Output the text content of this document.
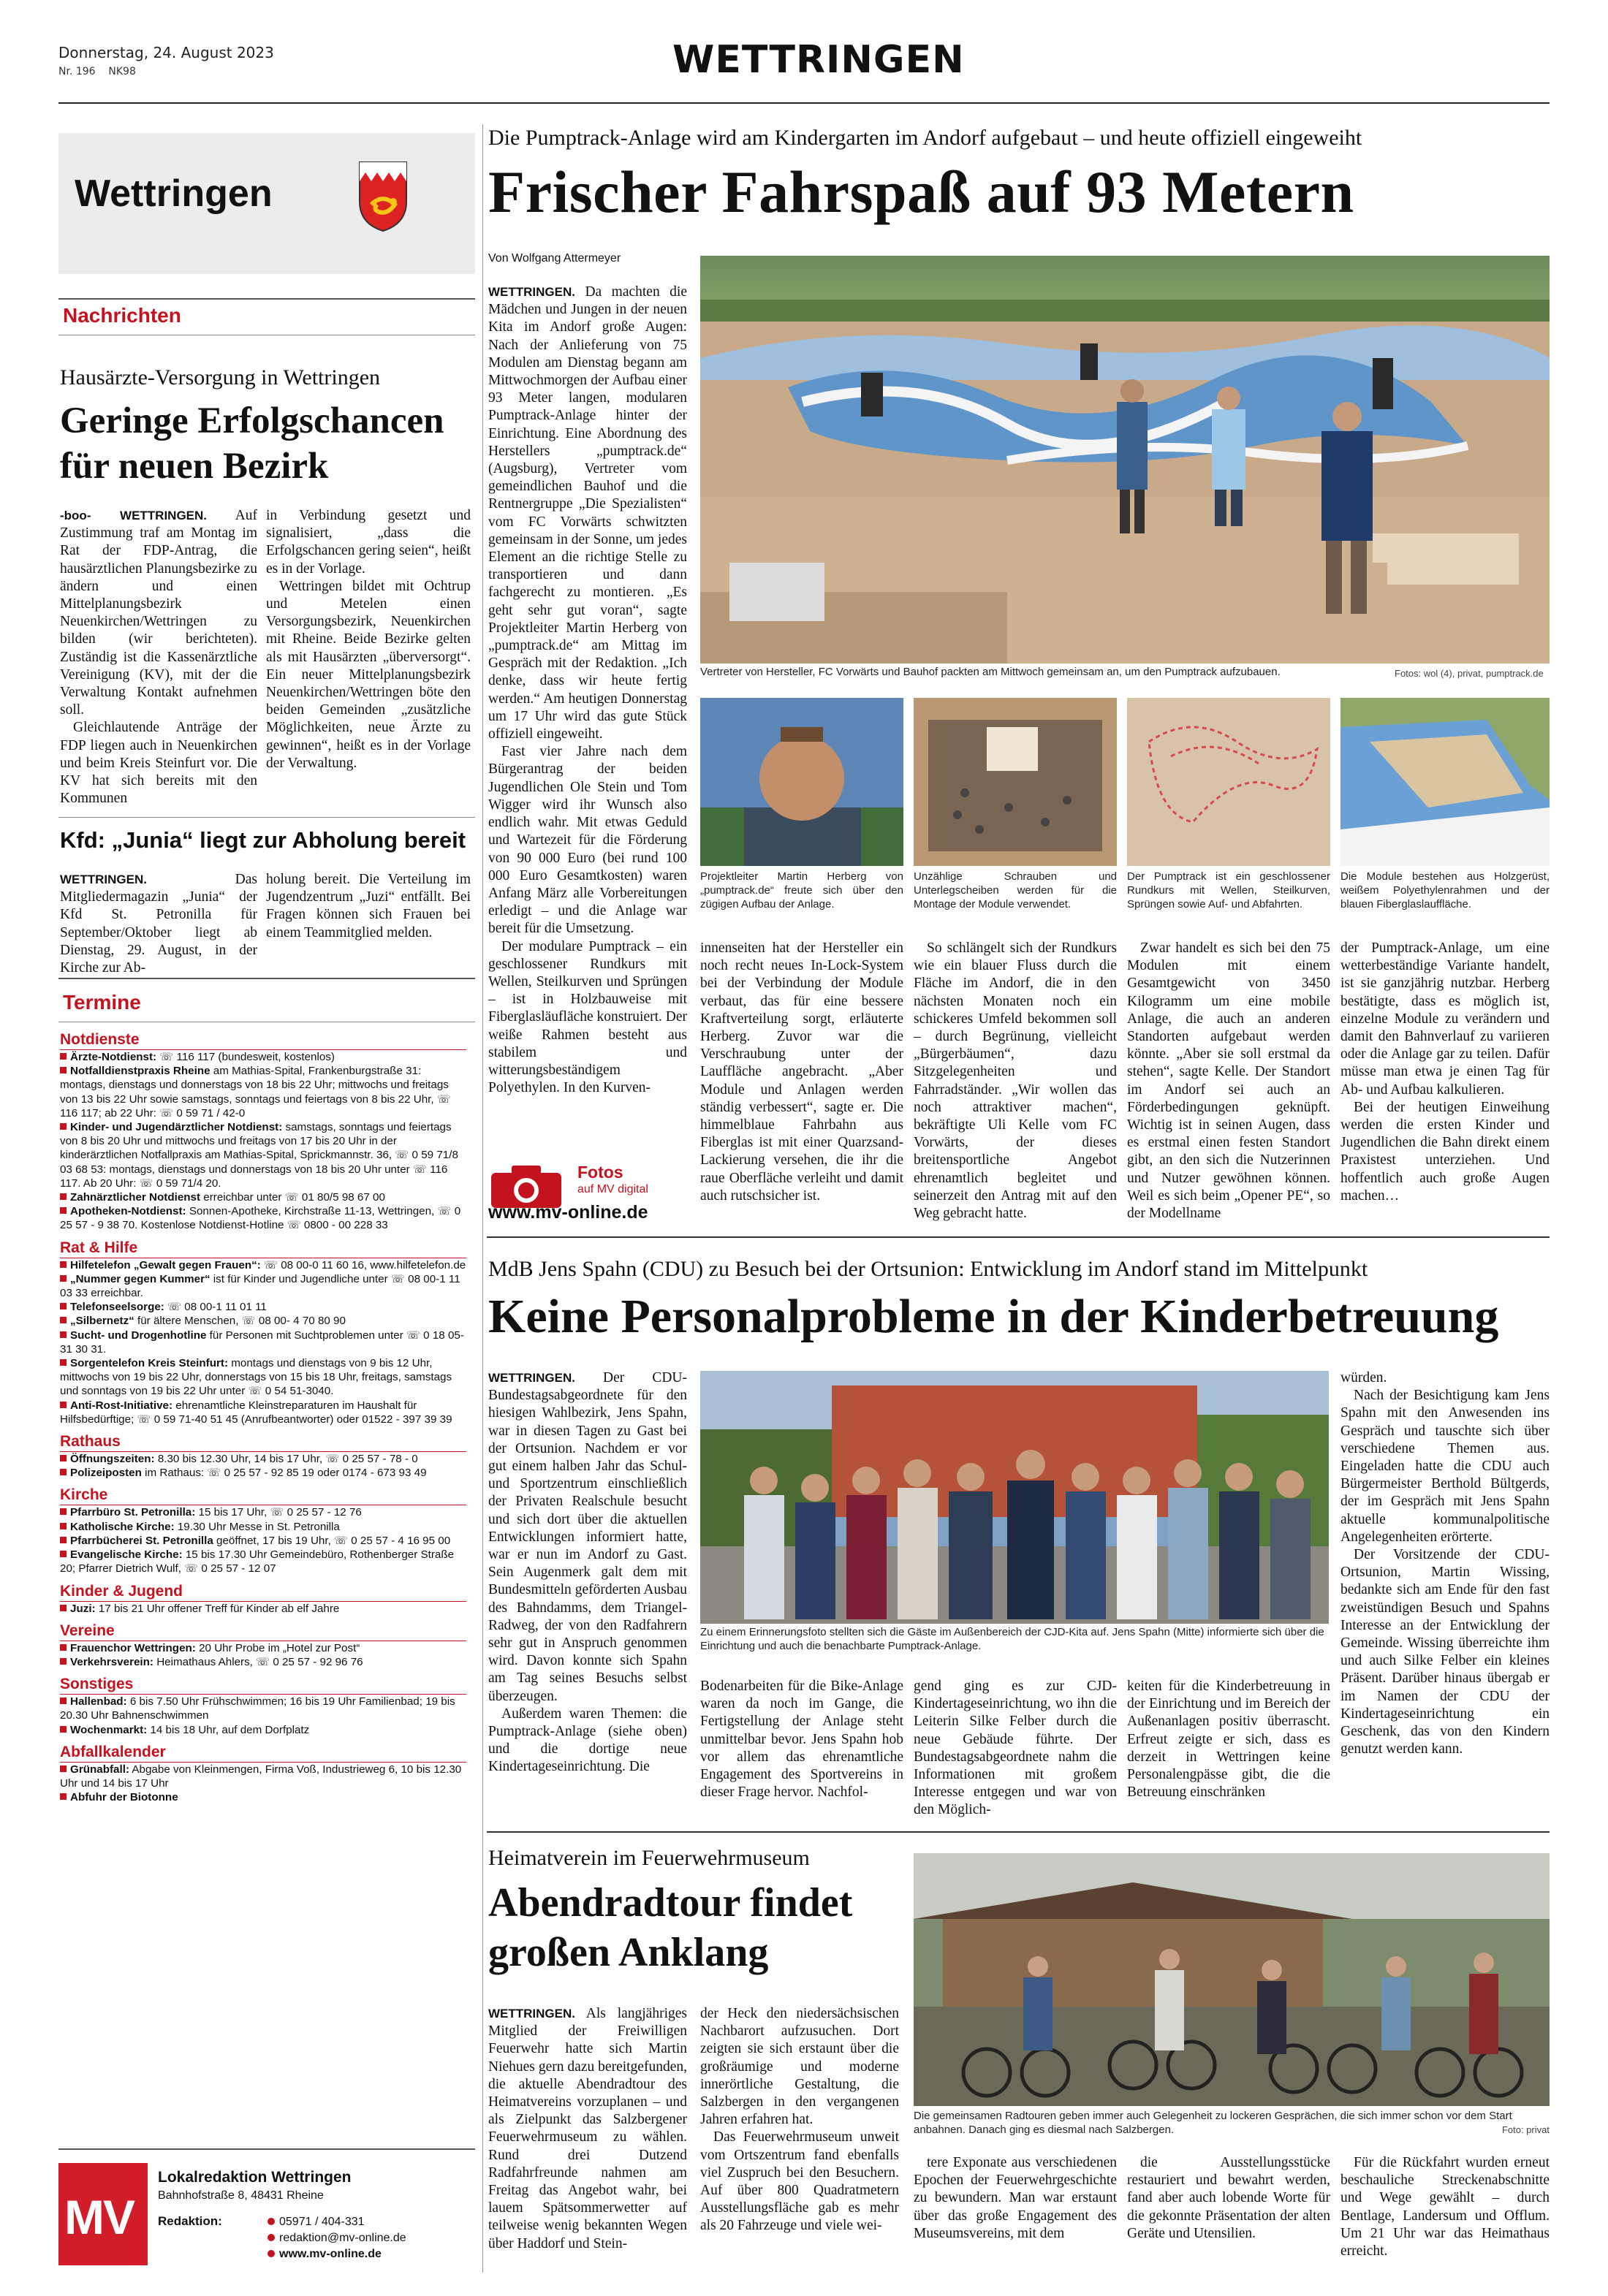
Donnerstag, 24. August 2023
Nr. 196 NK98	WETTRINGEN
Wettringen
Nachrichten
Hausärzte-Versorgung in Wettringen
Geringe Erfolgschancen für neuen Bezirk

-boo- WETTRINGEN. Auf Zustimmung traf am Montag im Rat der FDP-Antrag, die hausärztlichen Planungsbezirke zu ändern und einen Mittelplanungsbezirk Neuenkirchen/Wettringen zu bilden (wir berichteten). Zuständig ist die Kassenärztliche Vereinigung (KV), mit der die Verwaltung Kontakt aufnehmen soll.

Gleichlautende Anträge der FDP liegen auch in Neuenkirchen und beim Kreis Steinfurt vor. Die KV hat sich bereits mit den Kommunen

in Verbindung gesetzt und signalisiert, „dass die Erfolgschancen gering seien“, heißt es in der Vorlage.

Wettringen bildet mit Ochtrup und Metelen einen Versorgungsbezirk, Neuenkirchen mit Rheine. Beide Bezirke gelten als mit Hausärzten „überversorgt“. Ein neuer Mittelplanungsbezirk Neuenkirchen/Wettringen böte den beiden Gemeinden „zusätzliche Möglichkeiten, neue Ärzte zu gewinnen“, heißt es in der Vorlage der Verwaltung.

Kfd: „Junia“ liegt zur Abholung bereit

WETTRINGEN.	Das Mitgliedermagazin „Junia“ der Kfd St. Petronilla für September/Oktober liegt ab Dienstag, 29. August, in der Kirche zur Ab-

holung bereit. Die Verteilung im Jugendzentrum „Juzi“ entfällt. Bei Fragen können sich Frauen bei einem Teammitglied melden.

Termine
Notdienste
Ärzte-Notdienst: ☏ 116 117 (bundesweit, kostenlos)
Notfalldienstpraxis Rheine am Mathias-Spital, Frankenburgstraße 31: montags, dienstags und donnerstags von 18 bis 22 Uhr; mittwochs und freitags von 13 bis 22 Uhr sowie samstags, sonntags und feiertags von 8 bis 22 Uhr, ☏ 116 117; ab 22 Uhr: ☏ 0 59 71 / 42-0
Kinder- und Jugendärztlicher Notdienst: samstags, sonntags und feiertags von 8 bis 20 Uhr und mittwochs und freitags von 17 bis 20 Uhr in der kinderärztlichen Notfallpraxis am Mathias-Spital, Sprickmannstr. 36, ☏ 0 59 71/8 03 68 53: montags, dienstags und donnerstags von 18 bis 20 Uhr unter ☏ 116 117. Ab 20 Uhr: ☏ 0 59 71/4 20.
Zahnärztlicher Notdienst erreichbar unter ☏ 01 80/5 98 67 00
Apotheken-Notdienst: Sonnen-Apotheke, Kirchstraße 11-13, Wettringen, ☏ 0 25 57 - 9 38 70. Kostenlose Notdienst-Hotline ☏ 0800 - 00 228 33
Rat & Hilfe
Hilfetelefon „Gewalt gegen Frauen“: ☏ 08 00-0 11 60 16, www.hilfetelefon.de
„Nummer gegen Kummer“ ist für Kinder und Jugendliche unter ☏ 08 00-1 11 03 33 erreichbar.
Telefonseelsorge: ☏ 08 00-1 11 01 11
„Silbernetz“ für ältere Menschen, ☏ 08 00- 4 70 80 90
Sucht- und Drogenhotline für Personen mit Suchtproblemen unter ☏ 0 18 05-31 30 31.
Sorgentelefon Kreis Steinfurt: montags und dienstags von 9 bis 12 Uhr, mittwochs von 19 bis 22 Uhr, donnerstags von 15 bis 18 Uhr, freitags, samstags und sonntags von 19 bis 22 Uhr unter ☏ 0 54 51-3040.
Anti-Rost-Initiative: ehrenamtliche Kleinstreparaturen im Haushalt für Hilfsbedürftige; ☏ 0 59 71-40 51 45 (Anrufbeantworter) oder 01522 - 397 39 39
Rathaus
Öffnungszeiten: 8.30 bis 12.30 Uhr, 14 bis 17 Uhr, ☏ 0 25 57 - 78 - 0
Polizeiposten im Rathaus: ☏ 0 25 57 - 92 85 19 oder 0174 - 673 93 49
Kirche
Pfarrbüro St. Petronilla: 15 bis 17 Uhr, ☏ 0 25 57 - 12 76
Katholische Kirche: 19.30 Uhr Messe in St. Petronilla
Pfarrbücherei St. Petronilla geöffnet, 17 bis 19 Uhr, ☏ 0 25 57 - 4 16 95 00
Evangelische Kirche: 15 bis 17.30 Uhr Gemeindebüro, Rothenberger Straße 20; Pfarrer Dietrich Wulf, ☏ 0 25 57 - 12 07
Kinder & Jugend
Juzi: 17 bis 21 Uhr offener Treff für Kinder ab elf Jahre
Vereine
Frauenchor Wettringen: 20 Uhr Probe im „Hotel zur Post“
Verkehrsverein: Heimathaus Ahlers, ☏ 0 25 57 - 92 96 76
Sonstiges
Hallenbad: 6 bis 7.50 Uhr Frühschwimmen; 16 bis 19 Uhr Familienbad; 19 bis 20.30 Uhr Bahnenschwimmen
Wochenmarkt: 14 bis 18 Uhr, auf dem Dorfplatz
Abfallkalender
Grünabfall: Abgabe von Kleinmengen, Firma Voß, Industrieweg 6, 10 bis 12.30 Uhr und 14 bis 17 Uhr
Abfuhr der Biotonne
MV
Lokalredaktion Wettringen
Bahnhofstraße 8, 48431 Rheine
Redaktion:	05971 / 404-331
redaktion@mv-online.de
www.mv-online.de
Die Pumptrack-Anlage wird am Kindergarten im Andorf aufgebaut – und heute offiziell eingeweiht
Frischer Fahrspaß auf 93 Metern
Von Wolfgang Attermeyer

WETTRINGEN. Da machten die Mädchen und Jungen in der neuen Kita im Andorf große Augen: Nach der Anlieferung von 75 Modulen am Dienstag begann am Mittwochmorgen der Aufbau einer 93 Meter langen, modularen Pumptrack-Anlage hinter der Einrichtung. Eine Abordnung des Herstellers „pumptrack.de“ (Augsburg), Vertreter vom gemeindlichen Bauhof und die Rentnergruppe „Die Spezialisten“ vom FC Vorwärts schwitzten gemeinsam in der Sonne, um jedes Element an die richtige Stelle zu transportieren und dann fachgerecht zu montieren. „Es geht sehr gut voran“, sagte Projektleiter Martin Herberg von „pumptrack.de“ am Mittag im Gespräch mit der Redaktion. „Ich denke, dass wir heute fertig werden.“ Am heutigen Donnerstag um 17 Uhr wird das gute Stück offiziell eingeweiht.

Fast vier Jahre nach dem Bürgerantrag der beiden Jugendlichen Ole Stein und Tom Wigger wird ihr Wunsch also endlich wahr. Mit etwas Geduld und Wartezeit für die Förderung von 90 000 Euro (bei rund 100 000 Euro Gesamtkosten) waren Anfang März alle Vorbereitungen erledigt – und die Anlage war bereit für die Umsetzung.

Der modulare Pumptrack – ein geschlossener Rundkurs mit Wellen, Steilkurven und Sprüngen – ist in Holzbauweise mit Fiberglasläufläche konstruiert. Der weiße Rahmen besteht aus stabilem und witterungsbeständigem Polyethylen. In den Kurven-

Vertreter von Hersteller, FC Vorwärts und Bauhof packten am Mittwoch gemeinsam an, um den Pumptrack aufzubauen.	Fotos: wol (4), privat, pumptrack.de
Projektleiter Martin Herberg von „pumptrack.de“ freute sich über den zügigen Aufbau der Anlage.
Unzählige Schrauben und Unterlegscheiben werden für die Montage der Module verwendet.
Der Pumptrack ist ein geschlossener Rundkurs mit Wellen, Steilkurven, Sprüngen sowie Auf- und Abfahrten.
Die Module bestehen aus Holzgerüst, weißem Polyethylenrahmen und der blauen Fiberglaslauffläche.

innenseiten hat der Hersteller ein noch recht neues In-Lock-System bei der Verbindung der Module verbaut, das für eine bessere Kraftverteilung sorgt, erläuterte Herberg. Zuvor war die Verschraubung unter der Lauffläche angebracht. „Aber Module und Anlagen werden ständig verbessert“, sagte er. Die himmelblaue Fahrbahn aus Fiberglas ist mit einer Quarzsand-Lackierung versehen, die ihr die raue Oberfläche verleiht und damit auch rutschsicher ist.

So schlängelt sich der Rundkurs wie ein blauer Fluss durch die Fläche im Andorf, die in den nächsten Monaten noch ein schickeres Umfeld bekommen soll – durch Begrünung, vielleicht „Bürgerbäumen“, dazu Sitzgelegenheiten und Fahrradständer. „Wir wollen das noch attraktiver machen“, bekräftigte Uli Kelle vom FC Vorwärts, der dieses breitensportliche Angebot ehrenamtlich begleitet und seinerzeit den Antrag mit auf den Weg gebracht hatte.

Zwar handelt es sich bei den 75 Modulen mit einem Gesamtgewicht von 3450 Kilogramm um eine mobile Anlage, die auch an anderen Standorten aufgebaut werden könnte. „Aber sie soll erstmal da stehen“, sagte Kelle. Der Standort im Andorf sei auch an Förderbedingungen geknüpft. Wichtig ist in seinen Augen, dass es erstmal einen festen Standort gibt, an den sich die Nutzerinnen und Nutzer gewöhnen können. Weil es sich beim „Opener PE“, so der Modellname

der Pumptrack-Anlage, um eine wetterbeständige Variante handelt, ist sie ganzjährig nutzbar. Herberg bestätigte, dass es möglich ist, einzelne Module zu verändern und damit den Bahnverlauf zu variieren oder die Anlage gar zu teilen. Dafür müsse man etwa je einen Tag für Ab- und Aufbau kalkulieren.

Bei der heutigen Einweihung werden die ersten Kinder und Jugendlichen die Bahn direkt einem Praxistest unterziehen. Und hoffentlich auch große Augen machen…

Fotos
auf MV digital
www.mv-online.de
MdB Jens Spahn (CDU) zu Besuch bei der Ortsunion: Entwicklung im Andorf stand im Mittelpunkt
Keine Personalprobleme in der Kinderbetreuung

WETTRINGEN. Der CDU-Bundestagsabgeordnete für den hiesigen Wahlbezirk, Jens Spahn, war in diesen Tagen zu Gast bei der Ortsunion. Nachdem er vor gut einem halben Jahr das Schul- und Sportzentrum einschließlich der Privaten Realschule besucht und sich dort über die aktuellen Entwicklungen informiert hatte, war er nun im Andorf zu Gast. Sein Augenmerk galt dem mit Bundesmitteln geförderten Ausbau des Bahndamms, dem Triangel-Radweg, der von den Radfahrern sehr gut in Anspruch genommen wird. Davon konnte sich Spahn am Tag seines Besuchs selbst überzeugen.

Außerdem waren Themen: die Pumptrack-Anlage (siehe oben) und die dortige neue Kindertageseinrichtung. Die

Zu einem Erinnerungsfoto stellten sich die Gäste im Außenbereich der CJD-Kita auf. Jens Spahn (Mitte) informierte sich über die Einrichtung und auch die benachbarte Pumptrack-Anlage.

Bodenarbeiten für die Bike-Anlage waren da noch im Gange, die Fertigstellung der Anlage steht unmittelbar bevor. Jens Spahn hob vor allem das ehrenamtliche Engagement des Sportvereins in dieser Frage hervor. Nachfol-

gend ging es zur CJD-Kindertageseinrichtung, wo ihn die Leiterin Silke Felber durch die neue Gebäude führte. Der Bundestagsabgeordnete nahm die Informationen mit großem Interesse entgegen und war von den Möglich-

keiten für die Kinderbetreuung in der Einrichtung und im Bereich der Außenanlagen positiv überrascht. Erfreut zeigte er sich, dass es derzeit in Wettringen keine Personalengpässe gibt, die die Betreuung einschränken

würden.

Nach der Besichtigung kam Jens Spahn mit den Anwesenden ins Gespräch und tauschte sich über verschiedene Themen aus. Eingeladen hatte die CDU auch Bürgermeister Berthold Bültgerds, der im Gespräch mit Jens Spahn aktuelle kommunalpolitische Angelegenheiten erörterte.

Der Vorsitzende der CDU-Ortsunion, Martin Wissing, bedankte sich am Ende für den fast zweistündigen Besuch und Spahns Interesse an der Entwicklung der Gemeinde. Wissing überreichte ihm und auch Silke Felber ein kleines Präsent. Darüber hinaus übergab er im Namen der CDU der Kindertageseinrichtung ein Geschenk, das von den Kindern genutzt werden kann.

Heimatverein im Feuerwehrmuseum
Abendradtour findet großen Anklang

WETTRINGEN. Als langjähriges Mitglied der Freiwilligen Feuerwehr hatte sich Martin Niehues gern dazu bereitgefunden, die aktuelle Abendradtour des Heimatvereins vorzuplanen – und als Zielpunkt das Salzbergener Feuerwehrmuseum zu wählen. Rund drei Dutzend Radfahrfreunde nahmen am Freitag das Angebot wahr, bei lauem Spätsommerwetter auf teilweise wenig bekannten Wegen über Haddorf und Stein-

der Heck den niedersächsischen Nachbarort aufzusuchen. Dort zeigten sie sich erstaunt über die großräumige und moderne innerörtliche Gestaltung, die Salzbergen in den vergangenen Jahren erfahren hat.

Das Feuerwehrmuseum unweit vom Ortszentrum fand ebenfalls viel Zuspruch bei den Besuchern. Auf über 800 Quadratmetern Ausstellungsfläche gab es mehr als 20 Fahrzeuge und viele wei-

Die gemeinsamen Radtouren geben immer auch Gelegenheit zu lockeren Gesprächen, die sich immer schon vor dem Start anbahnen. Danach ging es diesmal nach Salzbergen.	Foto: privat

tere Exponate aus verschiedenen Epochen der Feuerwehrgeschichte zu bewundern. Man war erstaunt über das große Engagement des Museumsvereins, mit dem

die Ausstellungsstücke restauriert und bewahrt werden, fand aber auch lobende Worte für die gekonnte Präsentation der alten Geräte und Utensilien.

Für die Rückfahrt wurden erneut beschauliche Streckenabschnitte und Wege gewählt – durch Bentlage, Landersum und Offlum. Um 21 Uhr war das Heimathaus erreicht.
